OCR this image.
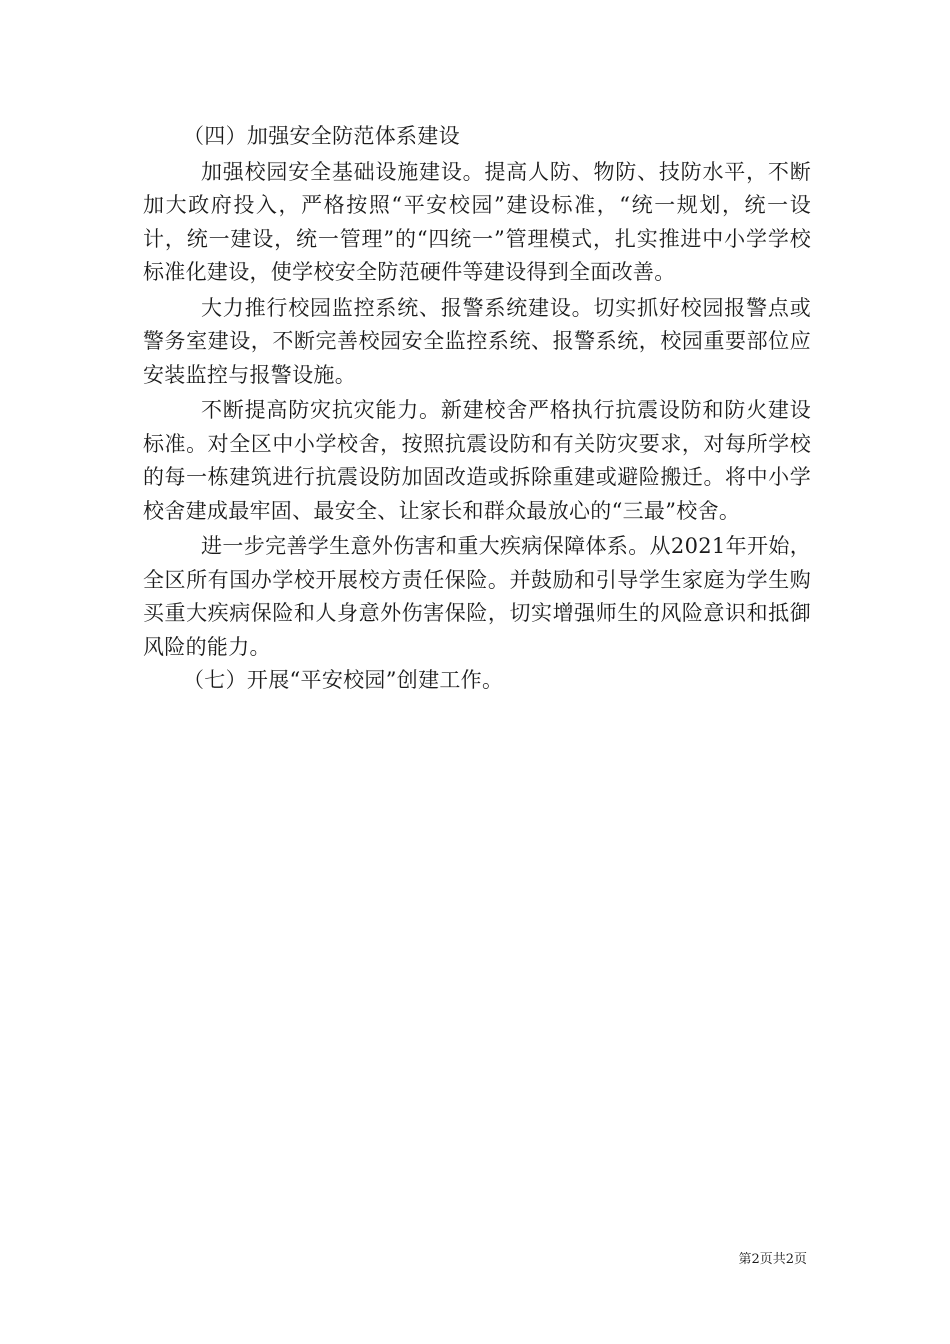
（四）加强安全防范体系建设

加强校园安全基础设施建设。提高人防、物防、技防水平，不断加大政府投入，严格按照“平安校园”建设标准，“统一规划，统一设计，统一建设，统一管理”的“四统一”管理模式，扎实推进中小学学校标准化建设，使学校安全防范硬件等建设得到全面改善。

大力推行校园监控系统、报警系统建设。切实抓好校园报警点或警务室建设，不断完善校园安全监控系统、报警系统，校园重要部位应安装监控与报警设施。

不断提高防灾抗灾能力。新建校舍严格执行抗震设防和防火建设标准。对全区中小学校舍，按照抗震设防和有关防灾要求，对每所学校的每一栋建筑进行抗震设防加固改造或拆除重建或避险搬迁。将中小学校舍建成最牢固、最安全、让家长和群众最放心的“三最”校舍。

进一步完善学生意外伤害和重大疾病保障体系。从2021年开始，全区所有国办学校开展校方责任保险。并鼓励和引导学生家庭为学生购买重大疾病保险和人身意外伤害保险，切实增强师生的风险意识和抵御风险的能力。

（七）开展“平安校园”创建工作。

第2页共2页
